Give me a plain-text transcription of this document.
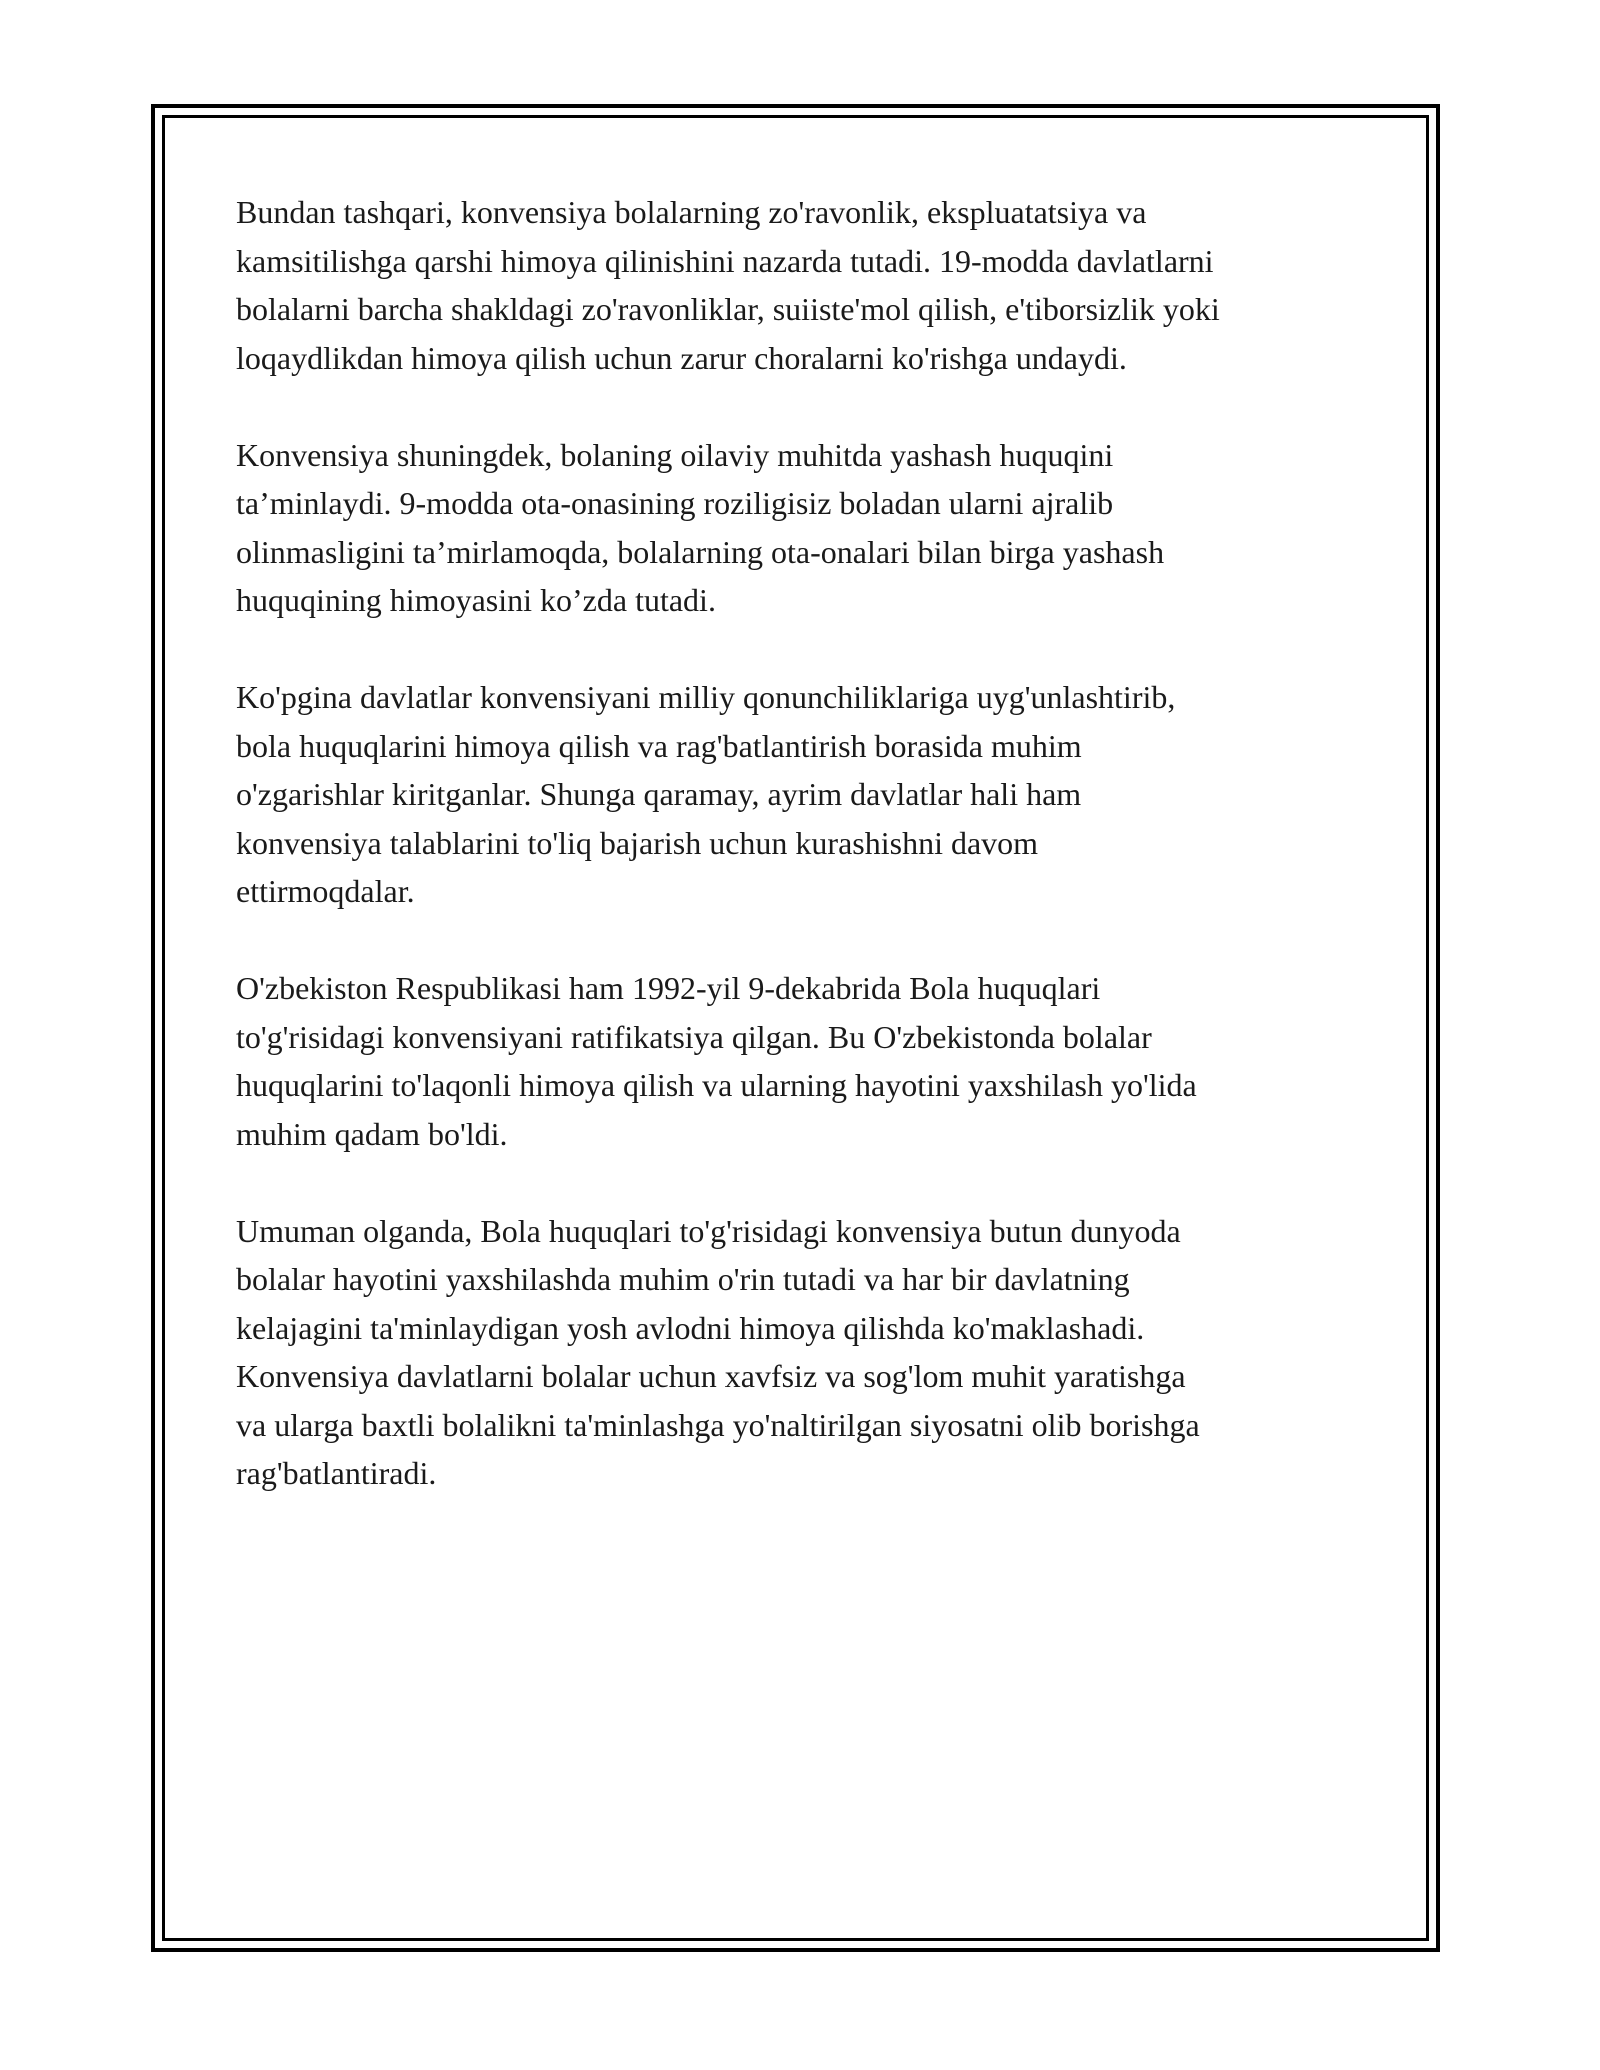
Bundan tashqari, konvensiya bolalarning zo'ravonlik, ekspluatatsiya va
kamsitilishga qarshi himoya qilinishini nazarda tutadi. 19-modda davlatlarni
bolalarni barcha shakldagi zo'ravonliklar, suiiste'mol qilish, e'tiborsizlik yoki
loqaydlikdan himoya qilish uchun zarur choralarni ko'rishga undaydi.

Konvensiya shuningdek, bolaning oilaviy muhitda yashash huquqini
ta’minlaydi. 9-modda ota-onasining roziligisiz boladan ularni ajralib
olinmasligini ta’mirlamoqda, bolalarning ota-onalari bilan birga yashash
huquqining himoyasini ko’zda tutadi.

Ko'pgina davlatlar konvensiyani milliy qonunchiliklariga uyg'unlashtirib,
bola huquqlarini himoya qilish va rag'batlantirish borasida muhim
o'zgarishlar kiritganlar. Shunga qaramay, ayrim davlatlar hali ham
konvensiya talablarini to'liq bajarish uchun kurashishni davom
ettirmoqdalar.

O'zbekiston Respublikasi ham 1992-yil 9-dekabrida Bola huquqlari
to'g'risidagi konvensiyani ratifikatsiya qilgan. Bu O'zbekistonda bolalar
huquqlarini to'laqonli himoya qilish va ularning hayotini yaxshilash yo'lida
muhim qadam bo'ldi.

Umuman olganda, Bola huquqlari to'g'risidagi konvensiya butun dunyoda
bolalar hayotini yaxshilashda muhim o'rin tutadi va har bir davlatning
kelajagini ta'minlaydigan yosh avlodni himoya qilishda ko'maklashadi.
Konvensiya davlatlarni bolalar uchun xavfsiz va sog'lom muhit yaratishga
va ularga baxtli bolalikni ta'minlashga yo'naltirilgan siyosatni olib borishga
rag'batlantiradi.
